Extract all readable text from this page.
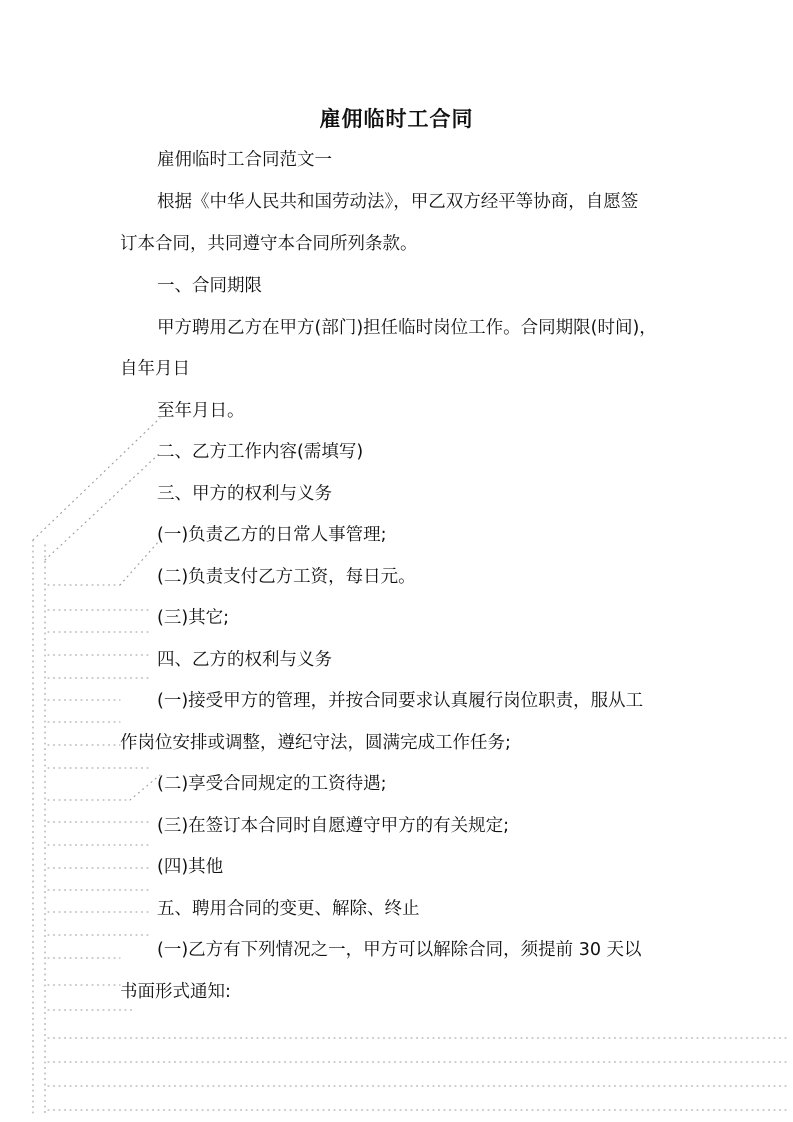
雇佣临时工合同
雇佣临时工合同范文一
根据《中华人民共和国劳动法》，甲乙双方经平等协商，自愿签
订本合同，共同遵守本合同所列条款。
一、合同期限
甲方聘用乙方在甲方(部门)担任临时岗位工作。合同期限(时间)，
自年月日
至年月日。
二、乙方工作内容(需填写)
三、甲方的权利与义务
(一)负责乙方的日常人事管理;
(二)负责支付乙方工资，每日元。
(三)其它;
四、乙方的权利与义务
(一)接受甲方的管理，并按合同要求认真履行岗位职责，服从工
作岗位安排或调整，遵纪守法，圆满完成工作任务;
(二)享受合同规定的工资待遇;
(三)在签订本合同时自愿遵守甲方的有关规定;
(四)其他
五、聘用合同的变更、解除、终止
(一)乙方有下列情况之一，甲方可以解除合同，须提前 30 天以
书面形式通知:
